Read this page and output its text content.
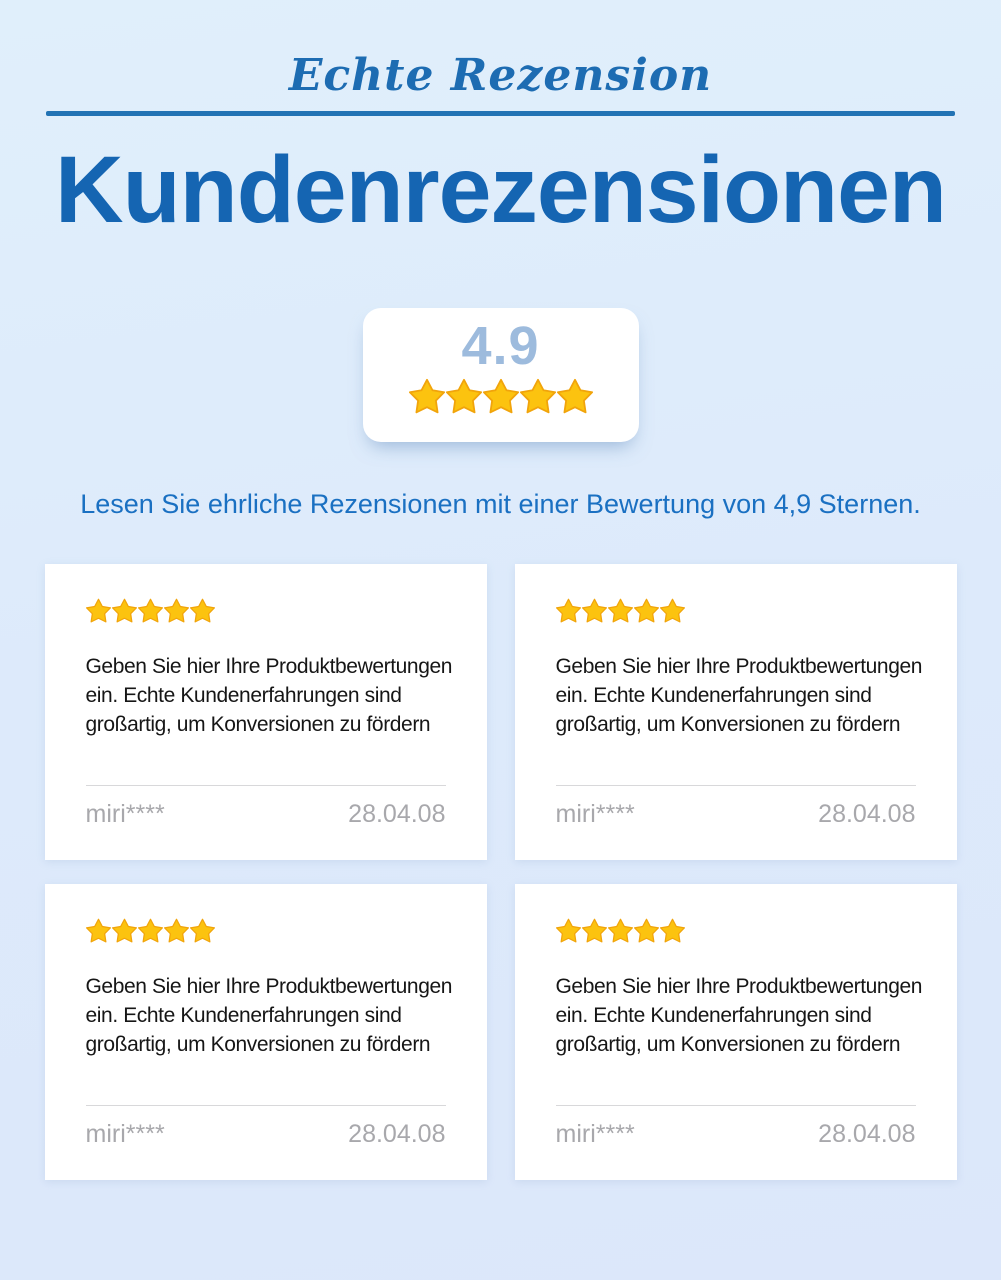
Echte Rezension
Kundenrezensionen
4.9
Lesen Sie ehrliche Rezensionen mit einer Bewertung von 4,9 Sternen.
Geben Sie hier Ihre Produktbewertungen
ein. Echte Kundenerfahrungen sind
großartig, um Konversionen zu fördern
miri****	28.04.08
Geben Sie hier Ihre Produktbewertungen
ein. Echte Kundenerfahrungen sind
großartig, um Konversionen zu fördern
miri****	28.04.08
Geben Sie hier Ihre Produktbewertungen
ein. Echte Kundenerfahrungen sind
großartig, um Konversionen zu fördern
miri****	28.04.08
Geben Sie hier Ihre Produktbewertungen
ein. Echte Kundenerfahrungen sind
großartig, um Konversionen zu fördern
miri****	28.04.08
